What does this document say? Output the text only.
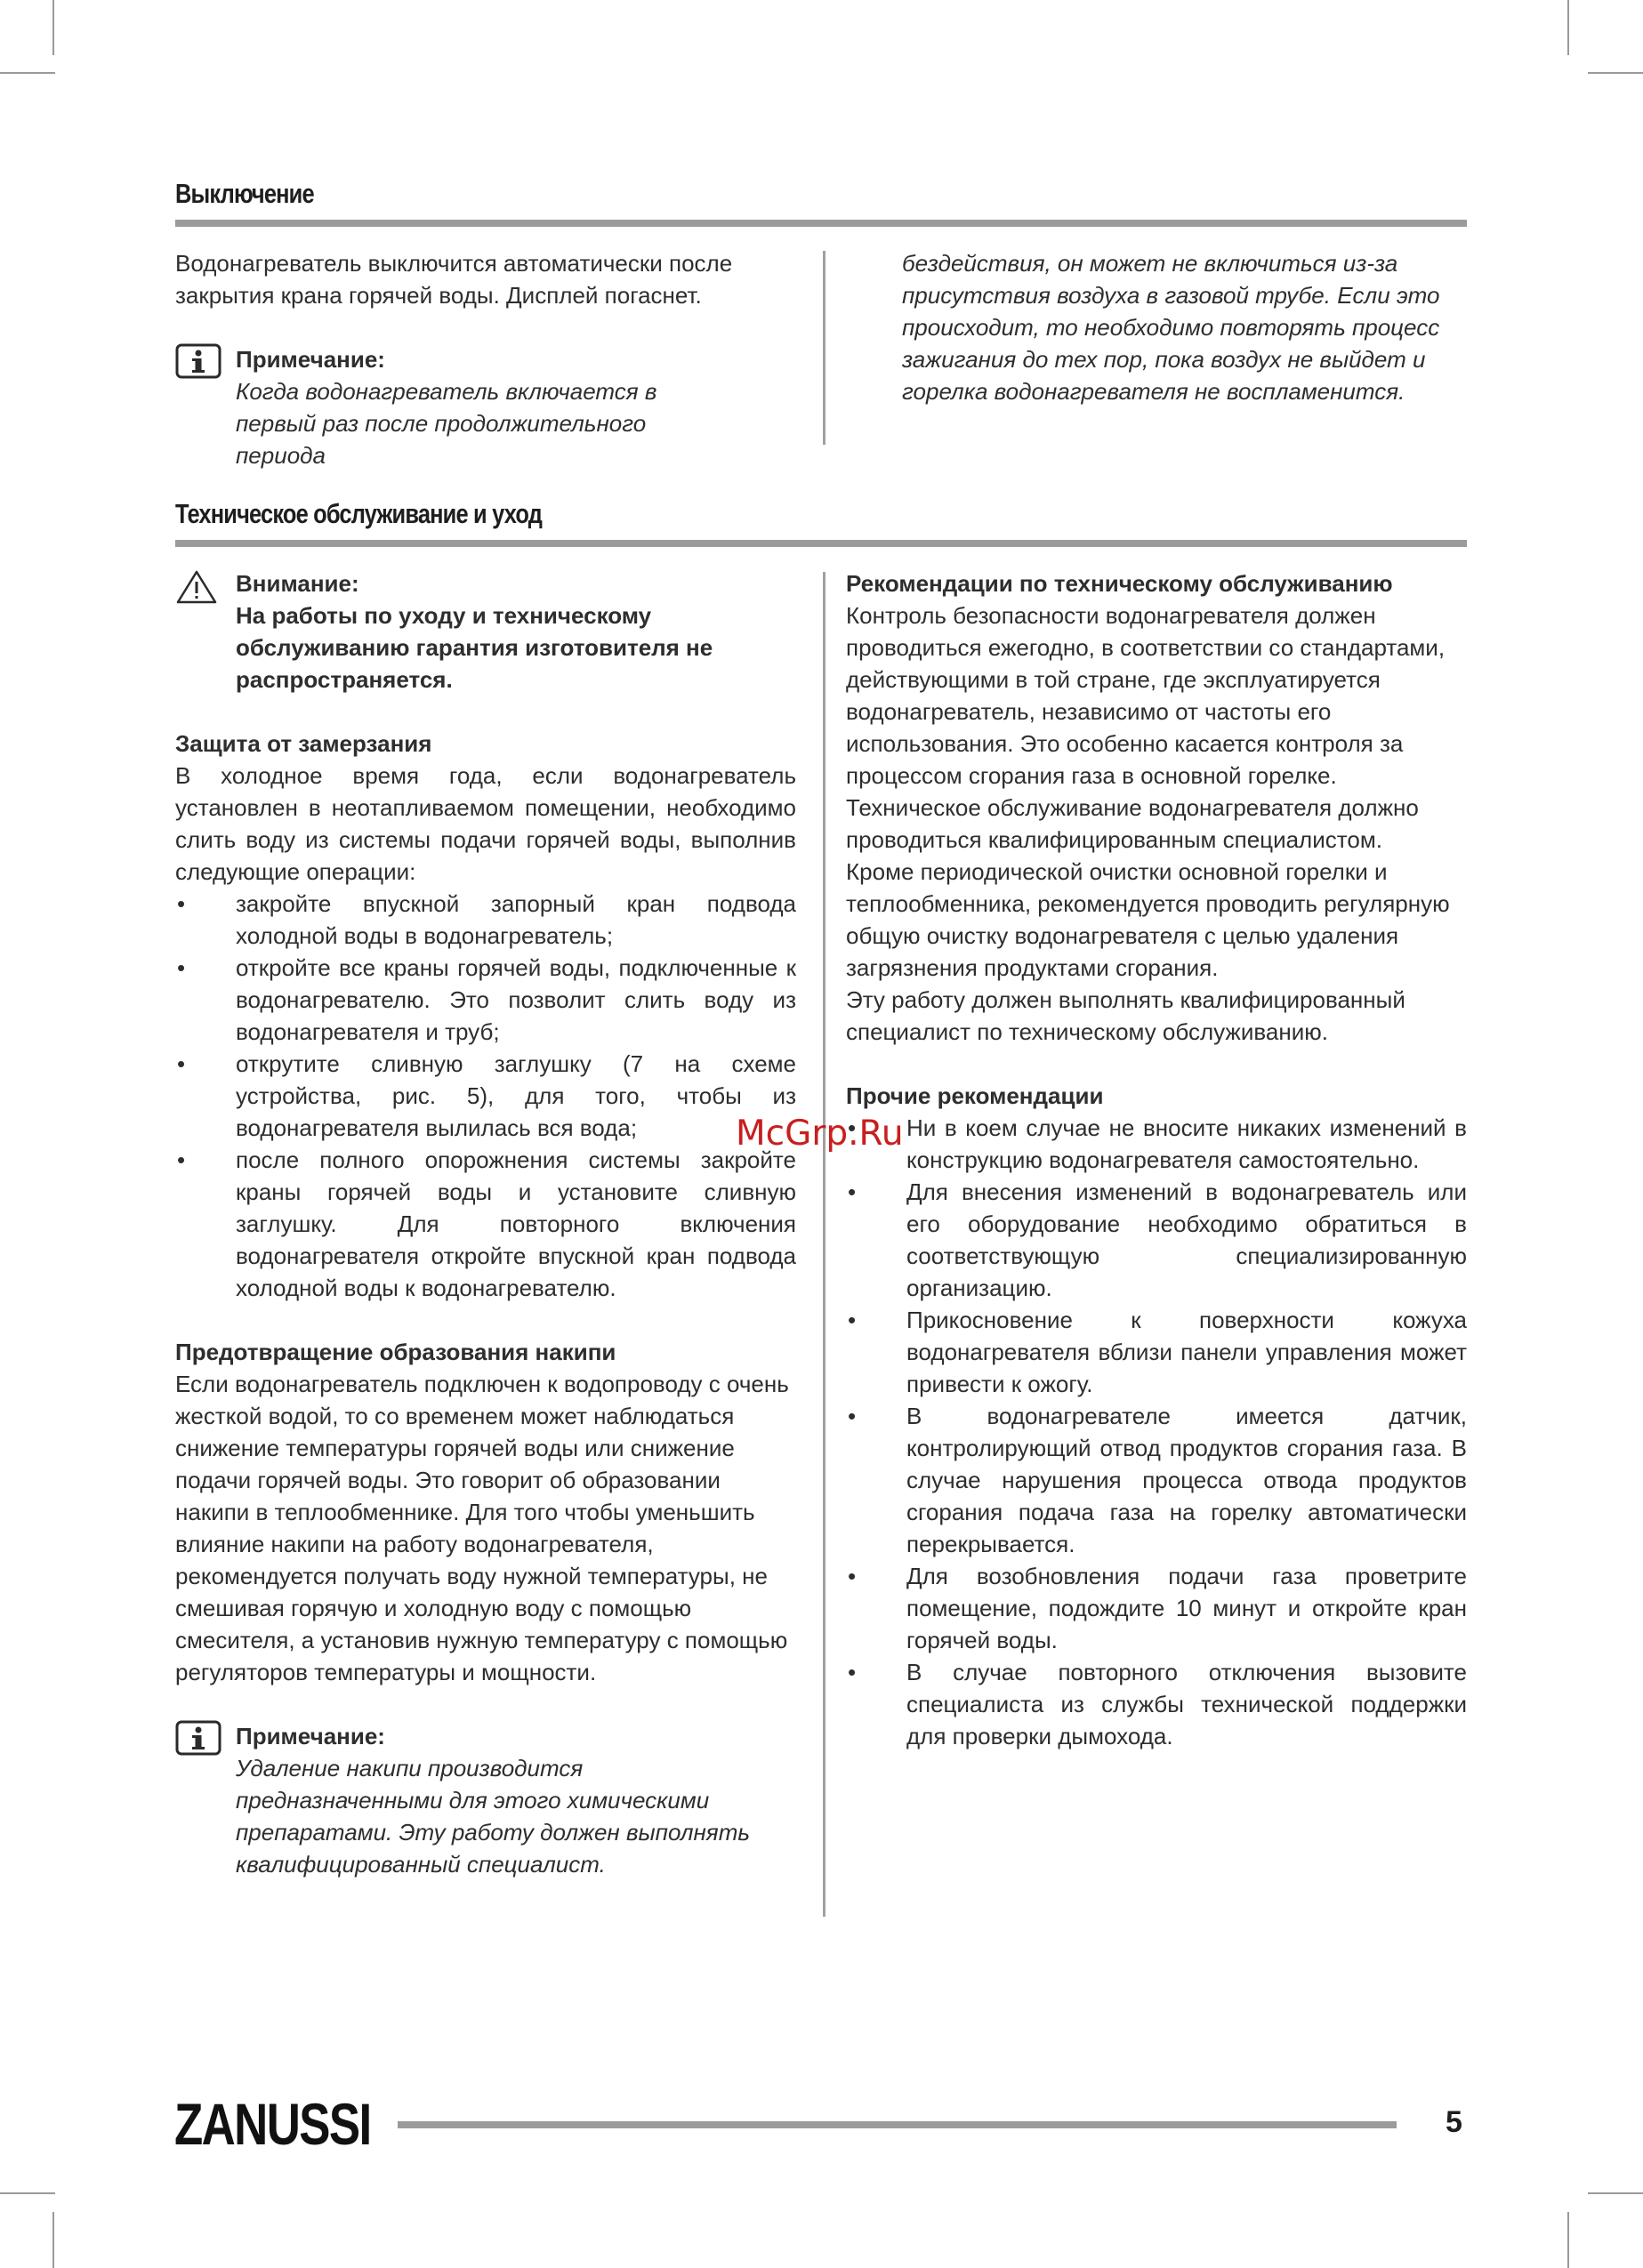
Выключение

Водонагреватель выключится автоматически после закрытия крана горячей воды. Дисплей погаснет.

Примечание:
Когда водонагреватель включается в первый раз после продолжительного периода

бездействия, он может не включиться из-за присутствия воздуха в газовой трубе. Если это происходит, то необходимо повторять процесс зажигания до тех пор, пока воздух не выйдет и горелка водонагревателя не воспламенится.

Техническое обслуживание и уход
Внимание:
На работы по уходу и техническому обслуживанию гарантия изготовителя не распространяется.
Защита от замерзания

В холодное время года, если водонагреватель установлен в неотапливаемом помещении, необходимо слить воду из системы подачи горячей воды, выполнив следующие операции:

• закройте впускной запорный кран подвода холодной воды в водонагреватель;
• откройте все краны горячей воды, подключенные к водонагревателю. Это позволит слить воду из водонагревателя и труб;
• открутите сливную заглушку (7 на схеме устройства, рис. 5), для того, чтобы из водонагревателя вылилась вся вода;
• после полного опорожнения системы закройте краны горячей воды и установите сливную заглушку. Для повторного включения водонагревателя откройте впускной кран подвода холодной воды к водонагревателю.
Предотвращение образования накипи

Если водонагреватель подключен к водопроводу с очень жесткой водой, то со временем может наблюдаться снижение температуры горячей воды или снижение подачи горячей воды. Это говорит об образовании накипи в теплообменнике. Для того чтобы уменьшить влияние накипи на работу водонагревателя, рекомендуется получать воду нужной температуры, не смешивая горячую и холодную воду с помощью смесителя, а установив нужную температуру с помощью регуляторов температуры и мощности.

Примечание:
Удаление накипи производится предназначенными для этого химическими препаратами. Эту работу должен выполнять квалифицированный специалист.
Рекомендации по техническому обслуживанию

Контроль безопасности водонагревателя должен проводиться ежегодно, в соответствии со стандартами, действующими в той стране, где эксплуатируется водонагреватель, независимо от частоты его использования. Это особенно касается контроля за процессом сгорания газа в основной горелке. Техническое обслуживание водонагревателя должно проводиться квалифицированным специалистом.

Кроме периодической очистки основной горелки и теплообменника, рекомендуется проводить регулярную общую очистку водонагревателя с целью удаления загрязнения продуктами сгорания.

Эту работу должен выполнять квалифицированный специалист по техническому обслуживанию.

Прочие рекомендации
• Ни в коем случае не вносите никаких изменений в конструкцию водонагревателя самостоятельно.
• Для внесения изменений в водонагреватель или его оборудование необходимо обратиться в соответствующую специализированную организацию.
• Прикосновение к поверхности кожуха водонагревателя вблизи панели управления может привести к ожогу.
• В водонагревателе имеется датчик, контролирующий отвод продуктов сгорания газа. В случае нарушения процесса отвода продуктов сгорания подача газа на горелку автоматически перекрывается.
• Для возобновления подачи газа проветрите помещение, подождите 10 минут и откройте кран горячей воды.
• В случае повторного отключения вызовите специалиста из службы технической поддержки для проверки дымохода.
McGrp.Ru
ZANUSSI	5
